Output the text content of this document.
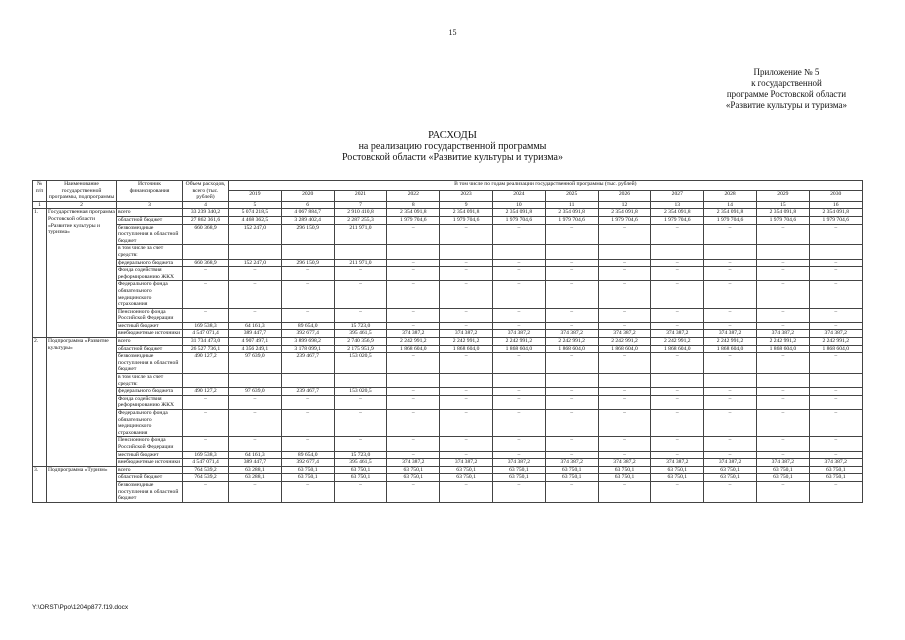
15
Приложение № 5
к государственной
программе Ростовской области
«Развитие культуры и туризма»
РАСХОДЫ
на реализацию государственной программы
Ростовской области «Развитие культуры и туризма»
№ п/п	Наименование государственной программы, подпрограммы	Источник финансирования	Объем расходов, всего (тыс. рублей)	В том числе по годам реализации государственной программы (тыс. рублей)											
				2019	2020	2021	2022	2023	2024	2025	2026	2027	2028	2029	2030
1	2	3	4	5	6	7	8	9	10	11	12	13	14	15	16
1.	Государственная программа Ростовской области «Развитие культуры и туризма»	всего	33 239 340,2	5 074 218,5	4 067 884,7	2 910 410,8	2 354 091,8	2 354 091,8	2 354 091,8	2 354 091,8	2 354 091,8	2 354 091,8	2 354 091,8	2 354 091,8	2 354 091,8
		областной бюджет	27 862 361,6	4 468 362,5	3 289 402,4	2 287 255,3	1 979 704,6	1 979 704,6	1 979 704,6	1 979 704,6	1 979 704,6	1 979 704,6	1 979 704,6	1 979 704,6	1 979 704,6
		безвозмездные поступления в областной бюджет	660 368,9	152 247,0	296 150,9	211 971,0	–	–	–	–	–	–	–	–	–
		в том числе за счет средств:													
		федерального бюджета	660 368,9	152 247,0	296 150,9	211 971,0	–	–	–	–	–	–	–	–	–
		Фонда содействия реформированию ЖКХ	–	–	–	–	–	–	–	–	–	–	–	–	–
		Федерального фонда обязательного медицинского страхования	–	–	–	–	–	–	–	–	–	–	–	–	–
		Пенсионного фонда Российской Федерации	–	–	–	–	–	–	–	–	–	–	–	–	–
		местный бюджет	169 538,3	64 161,3	89 654,0	15 723,0	–	–	–	–	–	–	–	–	–
		внебюджетные источники	4 547 071,4	389 447,7	392 677,4	395 461,5	374 387,2	374 387,2	374 387,2	374 387,2	374 387,2	374 387,2	374 387,2	374 387,2	374 387,2
2.	Подпрограмма «Развитие культуры»	всего	31 734 473,0	4 907 497,1	3 899 698,2	2 740 356,9	2 242 991,2	2 242 991,2	2 242 991,2	2 242 991,2	2 242 991,2	2 242 991,2	2 242 991,2	2 242 991,2	2 242 991,2
		областной бюджет	26 527 736,1	4 356 249,1	3 178 099,1	2 175 951,9	1 868 604,0	1 868 604,0	1 868 604,0	1 868 604,0	1 868 604,0	1 868 604,0	1 868 604,0	1 868 604,0	1 868 604,0
		безвозмездные поступления в областной бюджет	490 127,2	97 639,0	239 467,7	153 020,5	–	–	–	–	–	–	–	–	–
		в том числе за счет средств:													
		федерального бюджета	490 127,2	97 639,0	239 467,7	153 020,5	–	–	–	–	–	–	–	–	–
		Фонда содействия реформированию ЖКХ	–	–	–	–	–	–	–	–	–	–	–	–	–
		Федерального фонда обязательного медицинского страхования	–	–	–	–	–	–	–	–	–	–	–	–	–
		Пенсионного фонда Российской Федерации	–	–	–	–	–	–	–	–	–	–	–	–	–
		местный бюджет	169 538,3	64 161,3	89 654,0	15 723,0	–	–	–	–	–	–	–	–	–
		внебюджетные источники	4 547 071,4	389 447,7	392 677,4	395 461,5	374 387,2	374 387,2	374 387,2	374 387,2	374 387,2	374 387,2	374 387,2	374 387,2	374 387,2
3.	Подпрограмма «Туризм»	всего	764 539,2	63 288,1	63 750,1	63 750,1	63 750,1	63 750,1	63 750,1	63 750,1	63 750,1	63 750,1	63 750,1	63 750,1	63 750,1
		областной бюджет	764 539,2	63 288,1	63 750,1	63 750,1	63 750,1	63 750,1	63 750,1	63 750,1	63 750,1	63 750,1	63 750,1	63 750,1	63 750,1
		безвозмездные поступления в областной бюджет	–	–	–	–	–	–	–	–	–	–	–	–	–
Y:\ORST\Ppo\1204p877.f19.docx
